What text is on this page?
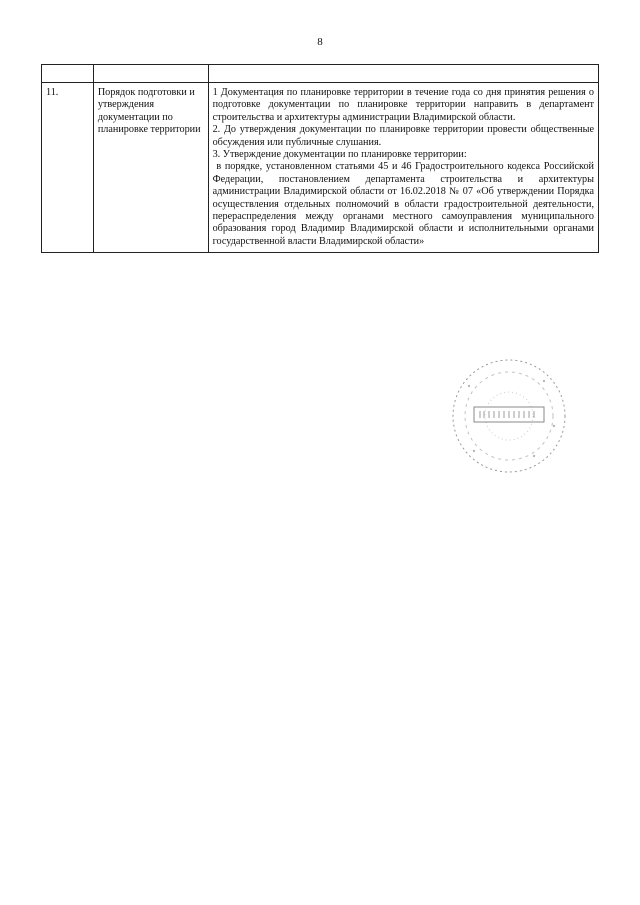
8

11.	Порядок подготовки и утверждения документации по планировке территории	1 Документация по планировке территории в течение года со дня принятия решения о подготовке документации по планировке территории направить в департамент строительства и архитектуры администрации Владимирской области.

2. До утверждения документации по планировке территории провести общественные обсуждения или публичные слушания.

3. Утверждение документации по планировке территории:

в порядке, установленном статьями 45 и 46 Градостроительного кодекса Российской Федерации, постановлением департамента строительства и архитектуры администрации Владимирской области от 16.02.2018 № 07 «Об утверждении Порядка осуществления отдельных полномочий в области градостроительной деятельности, перераспределения между органами местного самоуправления муниципального образования город Владимир Владимирской области и исполнительными органами государственной власти Владимирской области»
